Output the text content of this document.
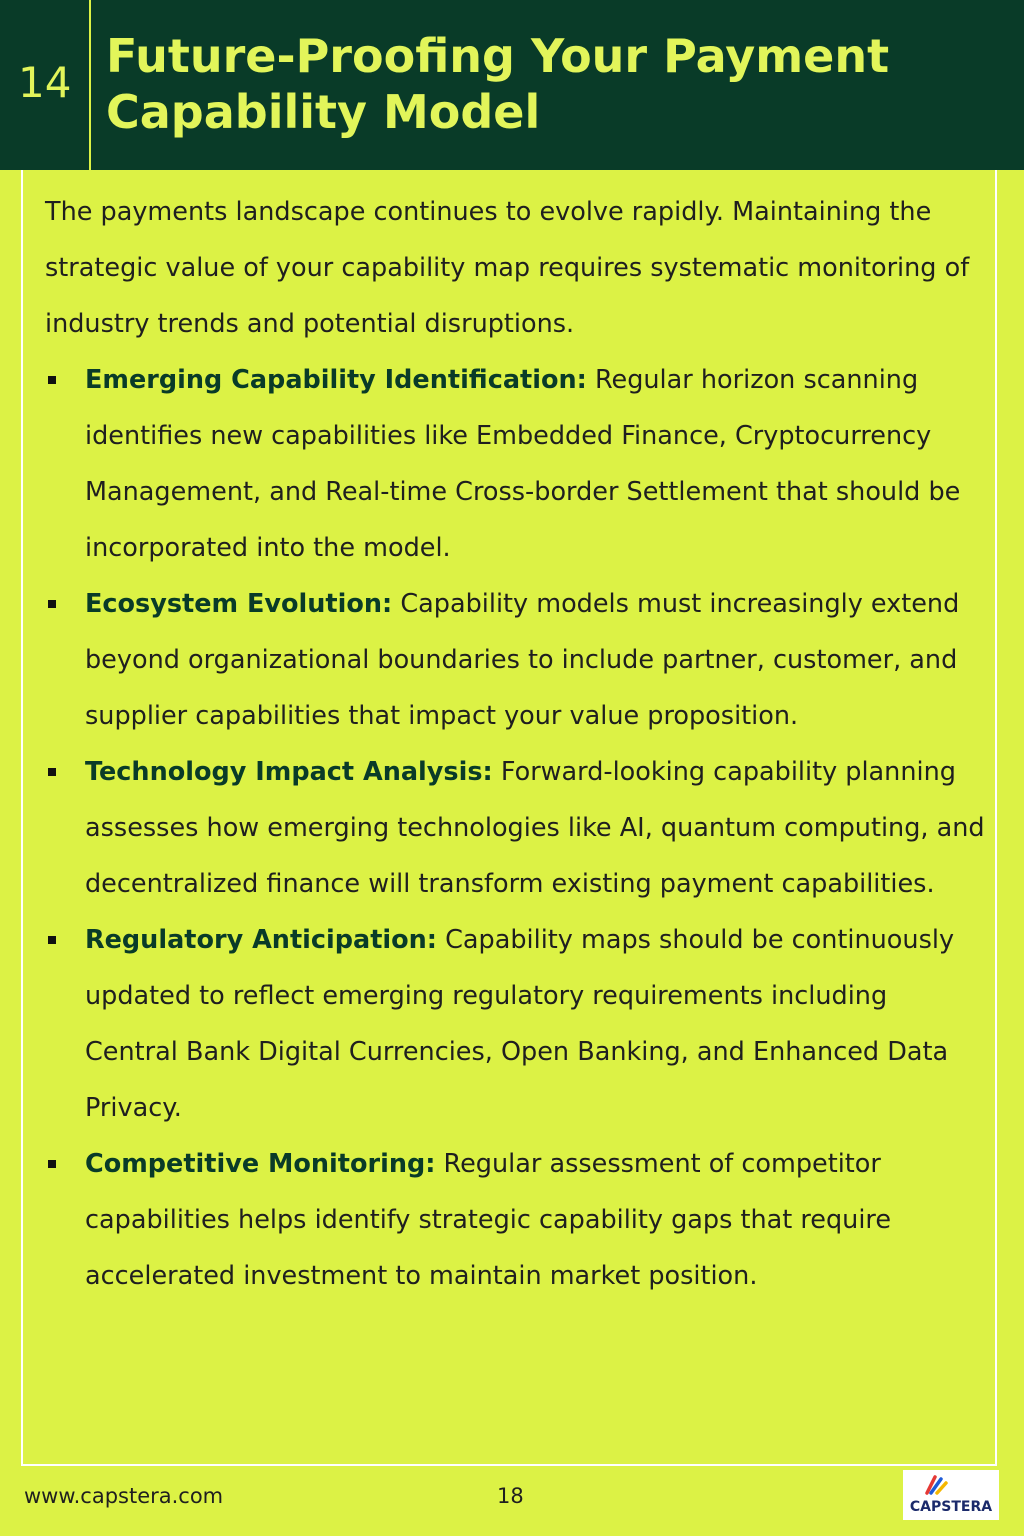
14 Future-Proofing Your Payment Capability Model

The payments landscape continues to evolve rapidly. Maintaining the strategic value of your capability map requires systematic monitoring of industry trends and potential disruptions.

Emerging Capability Identification: Regular horizon scanning identifies new capabilities like Embedded Finance, Cryptocurrency Management, and Real-time Cross-border Settlement that should be incorporated into the model.
Ecosystem Evolution: Capability models must increasingly extend beyond organizational boundaries to include partner, customer, and supplier capabilities that impact your value proposition.
Technology Impact Analysis: Forward-looking capability planning assesses how emerging technologies like AI, quantum computing, and decentralized finance will transform existing payment capabilities.
Regulatory Anticipation: Capability maps should be continuously updated to reflect emerging regulatory requirements including Central Bank Digital Currencies, Open Banking, and Enhanced Data Privacy.
Competitive Monitoring: Regular assessment of competitor capabilities helps identify strategic capability gaps that require accelerated investment to maintain market position.
www.capstera.com	18	CAPSTERA
